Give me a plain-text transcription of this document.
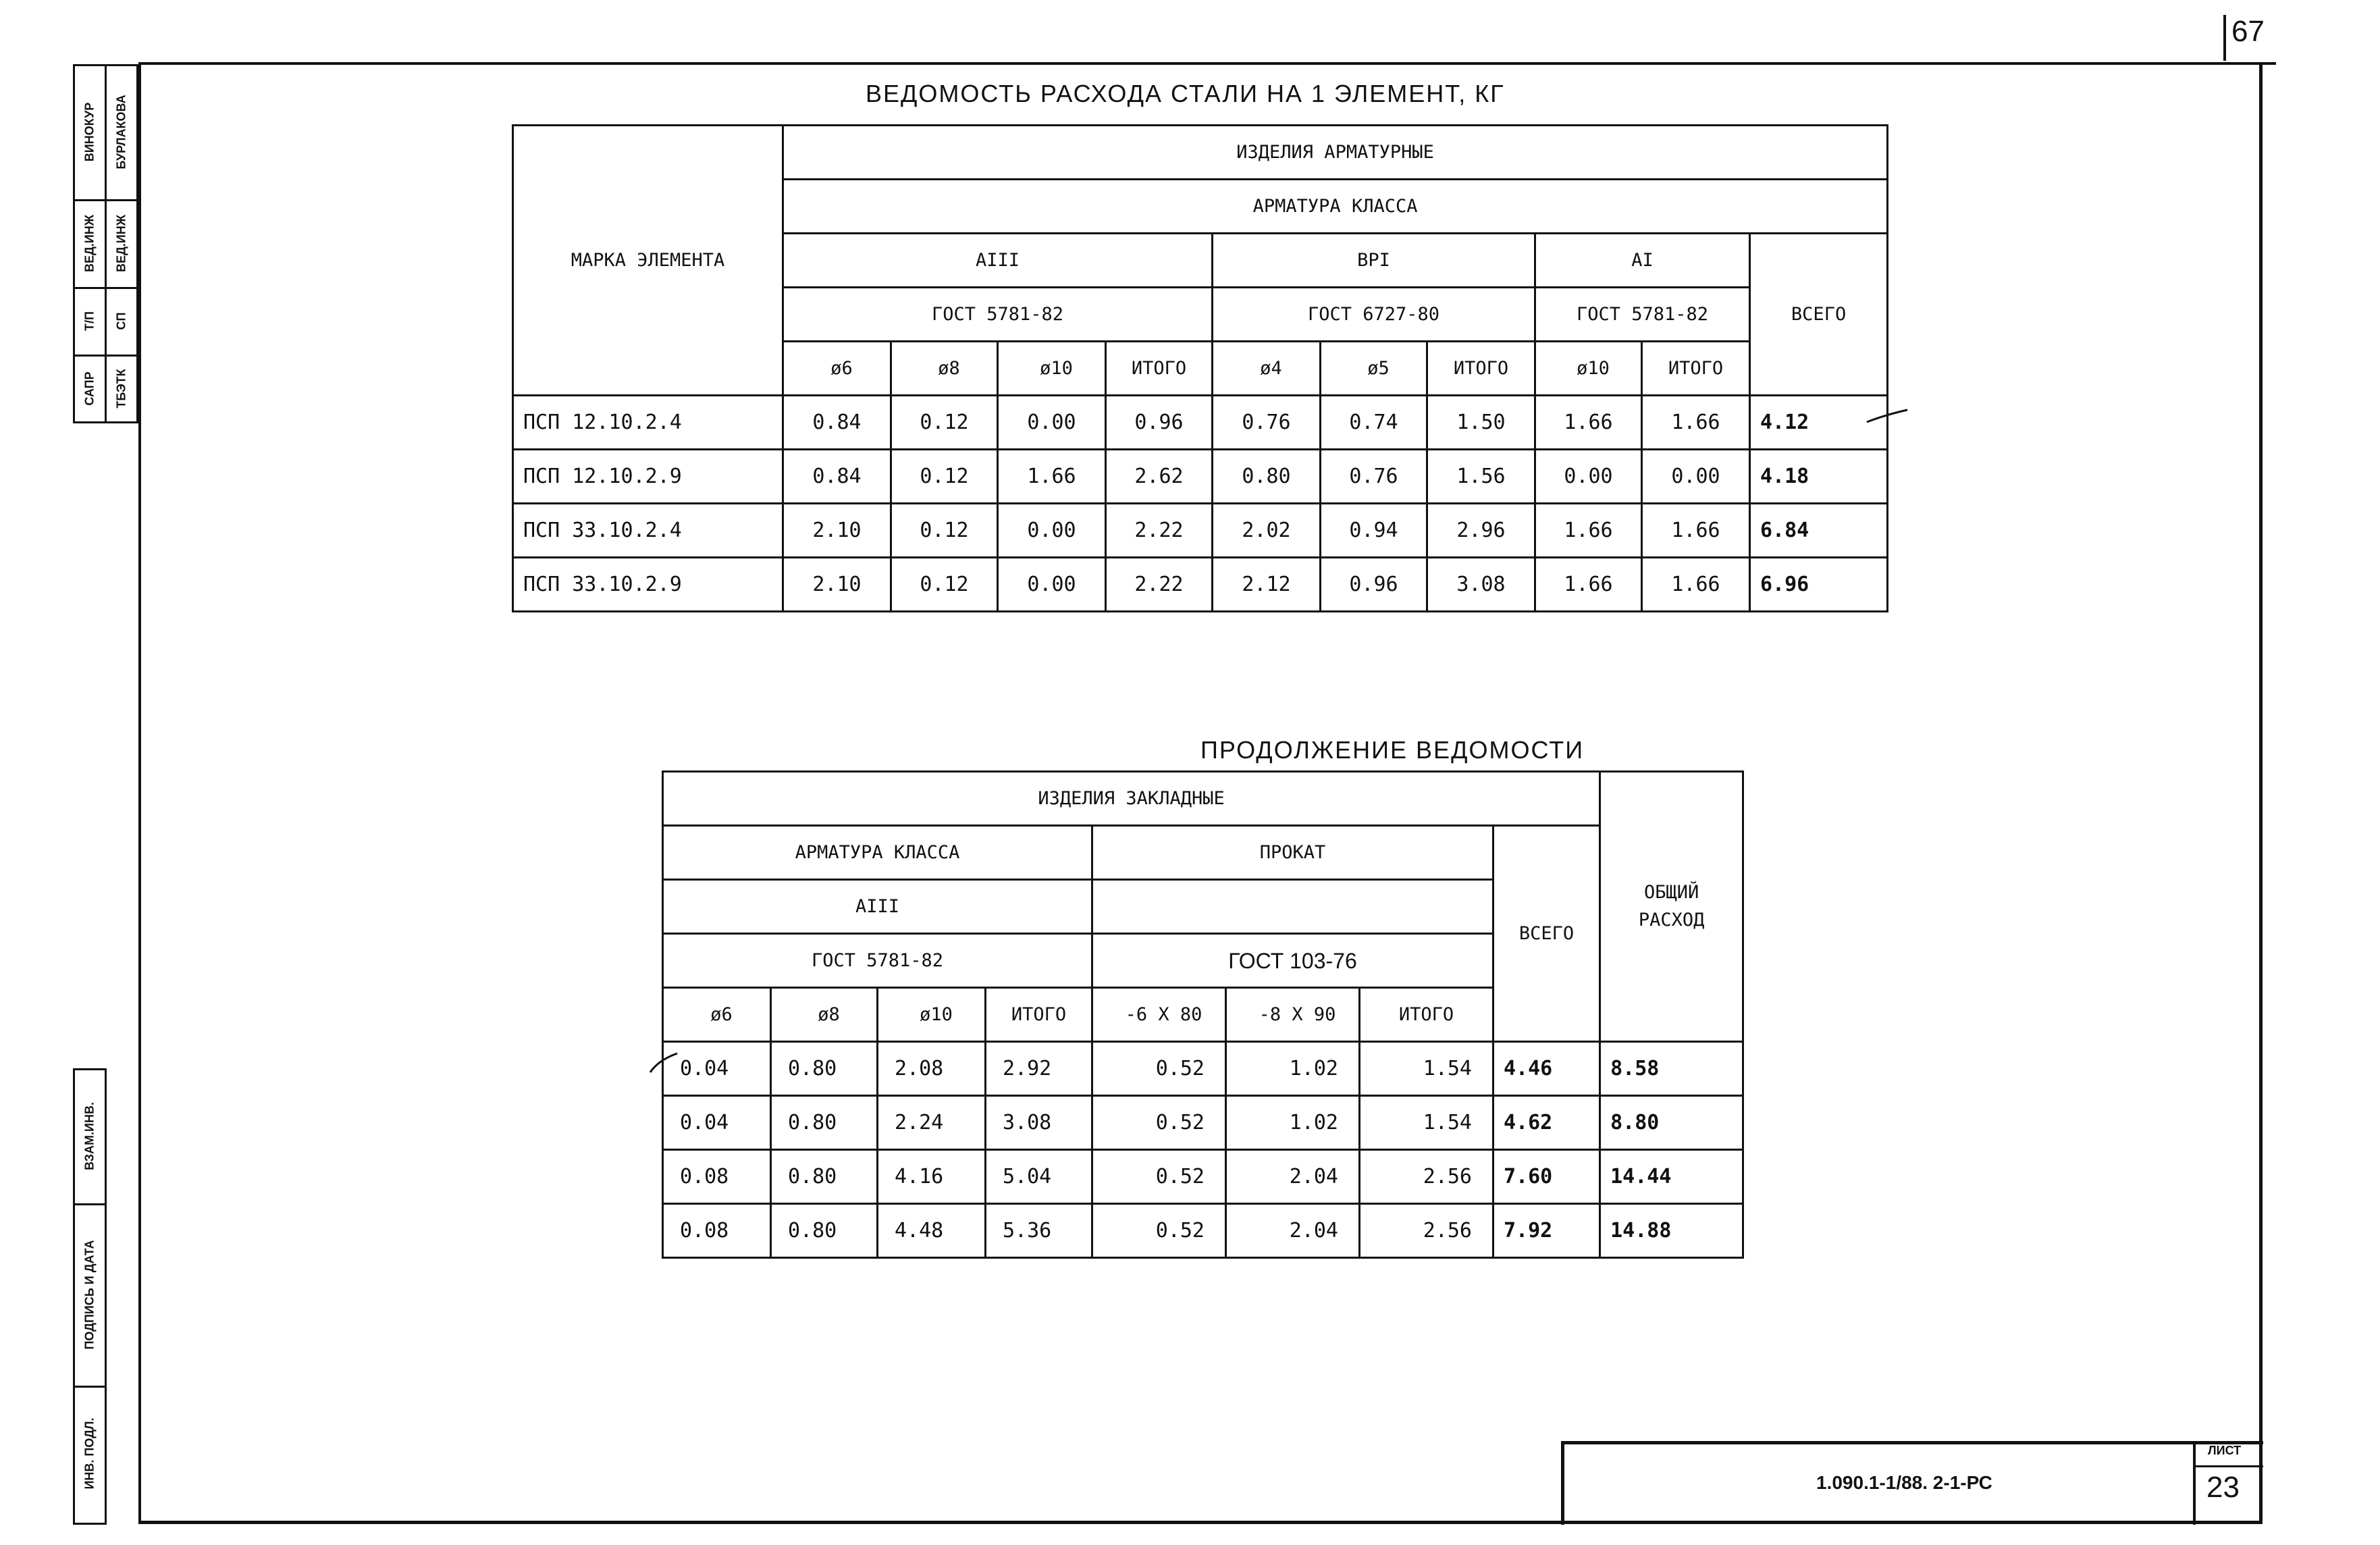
67
ВИНОКУР
ВЕД.ИНЖ
Т/П
САПР
БУРЛАКОВА
ВЕД.ИНЖ
СП
ТБЭТК
ВЗАМ.ИНВ.
ПОДПИСЬ И ДАТА
ИНВ. ПОДЛ.
ВЕДОМОСТЬ РАСХОДА СТАЛИ НА 1 ЭЛЕМЕНТ, КГ
МАРКА ЭЛЕМЕНТА	ИЗДЕЛИЯ АРМАТУРНЫЕ									
	АРМАТУРА КЛАССА									
	АIII				ВРI			АI		ВСЕГО
	ГОСТ 5781-82				ГОСТ 6727-80			ГОСТ 5781-82		
	ø6	ø8	ø10	ИТОГО	ø4	ø5	ИТОГО	ø10	ИТОГО	
ПСП 12.10.2.4	0.84	0.12	0.00	0.96	0.76	0.74	1.50	1.66	1.66	4.12
ПСП 12.10.2.9	0.84	0.12	1.66	2.62	0.80	0.76	1.56	0.00	0.00	4.18
ПСП 33.10.2.4	2.10	0.12	0.00	2.22	2.02	0.94	2.96	1.66	1.66	6.84
ПСП 33.10.2.9	2.10	0.12	0.00	2.22	2.12	0.96	3.08	1.66	1.66	6.96
ПРОДОЛЖЕНИЕ ВЕДОМОСТИ
ИЗДЕЛИЯ ЗАКЛАДНЫЕ								ОБЩИЙ РАСХОД
АРМАТУРА КЛАССА				ПРОКАТ			ВСЕГО	
АIII								
ГОСТ 5781-82				ГОСТ 103-76				
ø6	ø8	ø10	ИТОГО	-6 Х 80	-8 Х 90	ИТОГО		
0.04	0.80	2.08	2.92	0.52	1.02	1.54	4.46	8.58
0.04	0.80	2.24	3.08	0.52	1.02	1.54	4.62	8.80
0.08	0.80	4.16	5.04	0.52	2.04	2.56	7.60	14.44
0.08	0.80	4.48	5.36	0.52	2.04	2.56	7.92	14.88
1.090.1-1/88. 2-1-РС
ЛИСТ
23
